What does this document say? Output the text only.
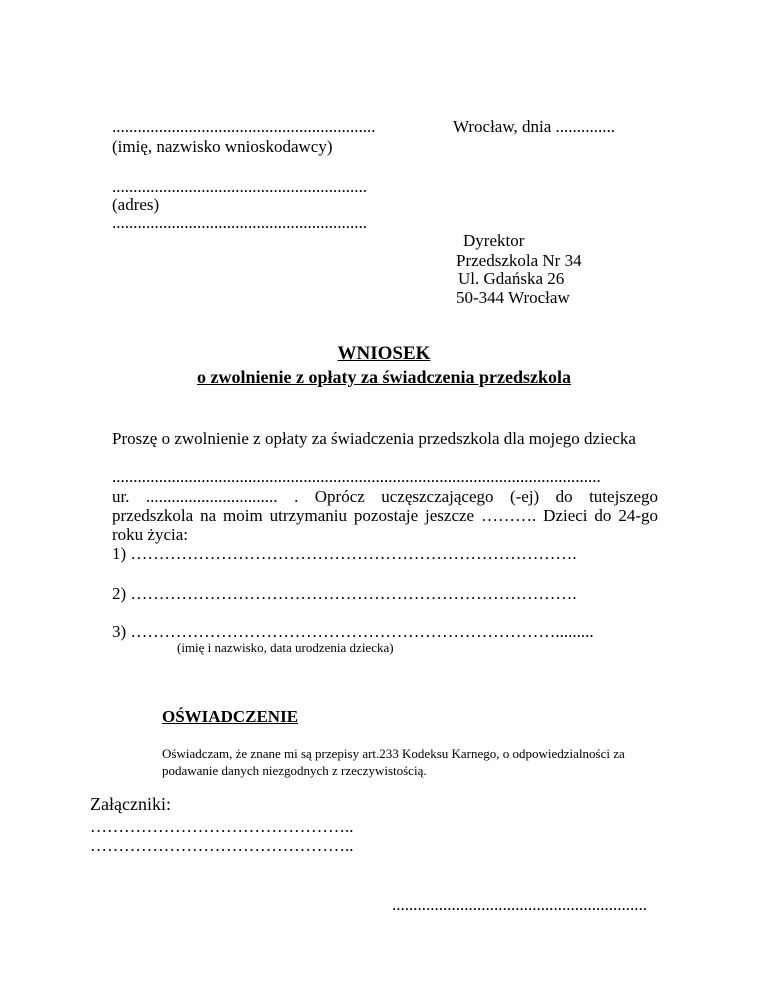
..............................................................
(imię, nazwisko wnioskodawcy)
Wrocław, dnia ..............
............................................................
(adres)
............................................................
Dyrektor
Przedszkola Nr 34
Ul. Gdańska 26
50-344 Wrocław
WNIOSEK
o zwolnienie z opłaty za świadczenia przedszkola
Proszę o zwolnienie z opłaty za świadczenia przedszkola dla mojego dziecka
...................................................................................................................
ur. ............................... . Oprócz uczęszczającego (-ej) do tutejszego
przedszkola na moim utrzymaniu pozostaje jeszcze ………. Dzieci do 24-go
roku życia:
1) …………………………………………………………………….
2) …………………………………………………………………….
3) ………………………………………………………………….........
(imię i nazwisko, data urodzenia dziecka)
OŚWIADCZENIE
Oświadczam, że znane mi są przepisy art.233 Kodeksu Karnego, o odpowiedzialności za
podawanie danych niezgodnych z rzeczywistością.
Załączniki:
………………………………………..
………………………………………..
............................................................
